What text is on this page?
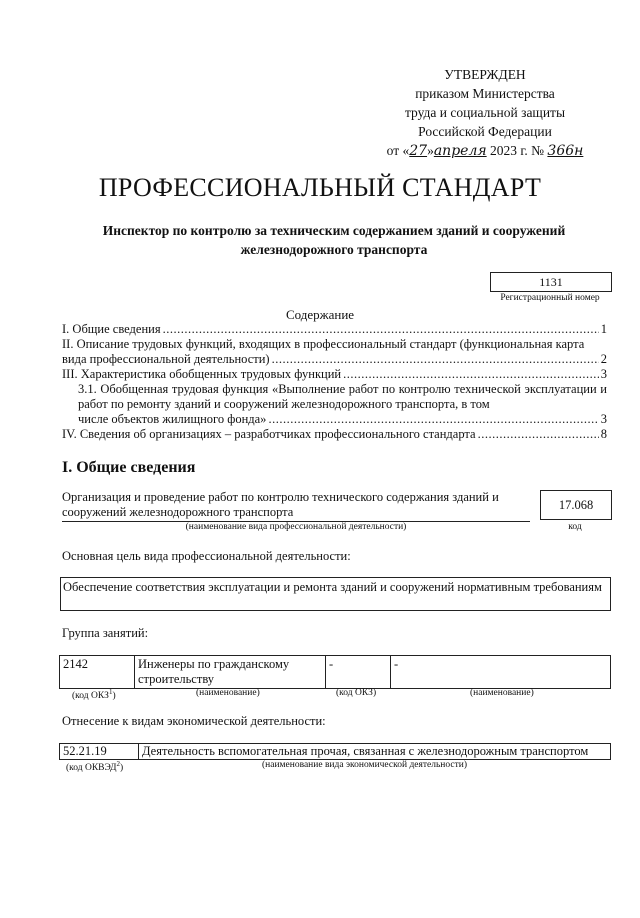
УТВЕРЖДЕН
приказом Министерства
труда и социальной защиты
Российской Федерации
от «27»апреля 2023 г. № 366н
ПРОФЕССИОНАЛЬНЫЙ СТАНДАРТ
Инспектор по контролю за техническим содержанием зданий и сооружений железнодорожного транспорта
1131
Регистрационный номер
Содержание
I. Общие сведения .....	1
II. Описание трудовых функций, входящих в профессиональный стандарт (функциональная карта
вида профессиональной деятельности) .....	2
III. Характеристика обобщенных трудовых функций .....	3
3.1. Обобщенная трудовая функция «Выполнение работ по контролю технической эксплуатации и работ по ремонту зданий и сооружений железнодорожного транспорта, в том
числе объектов жилищного фонда» .....	3
IV. Сведения об организациях – разработчиках профессионального стандарта .....	8
I. Общие сведения
Организация и проведение работ по контролю технического содержания зданий и сооружений железнодорожного транспорта
(наименование вида профессиональной деятельности)
17.068
код
Основная цель вида профессиональной деятельности:
Обеспечение соответствия эксплуатации и ремонта зданий и сооружений нормативным требованиям
Группа занятий:
2142	Инженеры по гражданскому строительству	-	-
(код ОКЗ$^1$)	(наименование)	(код ОКЗ)	(наименование)
Отнесение к видам экономической деятельности:
52.21.19	Деятельность вспомогательная прочая, связанная с железнодорожным транспортом
(код ОКВЭД$^2$)	(наименование вида экономической деятельности)
